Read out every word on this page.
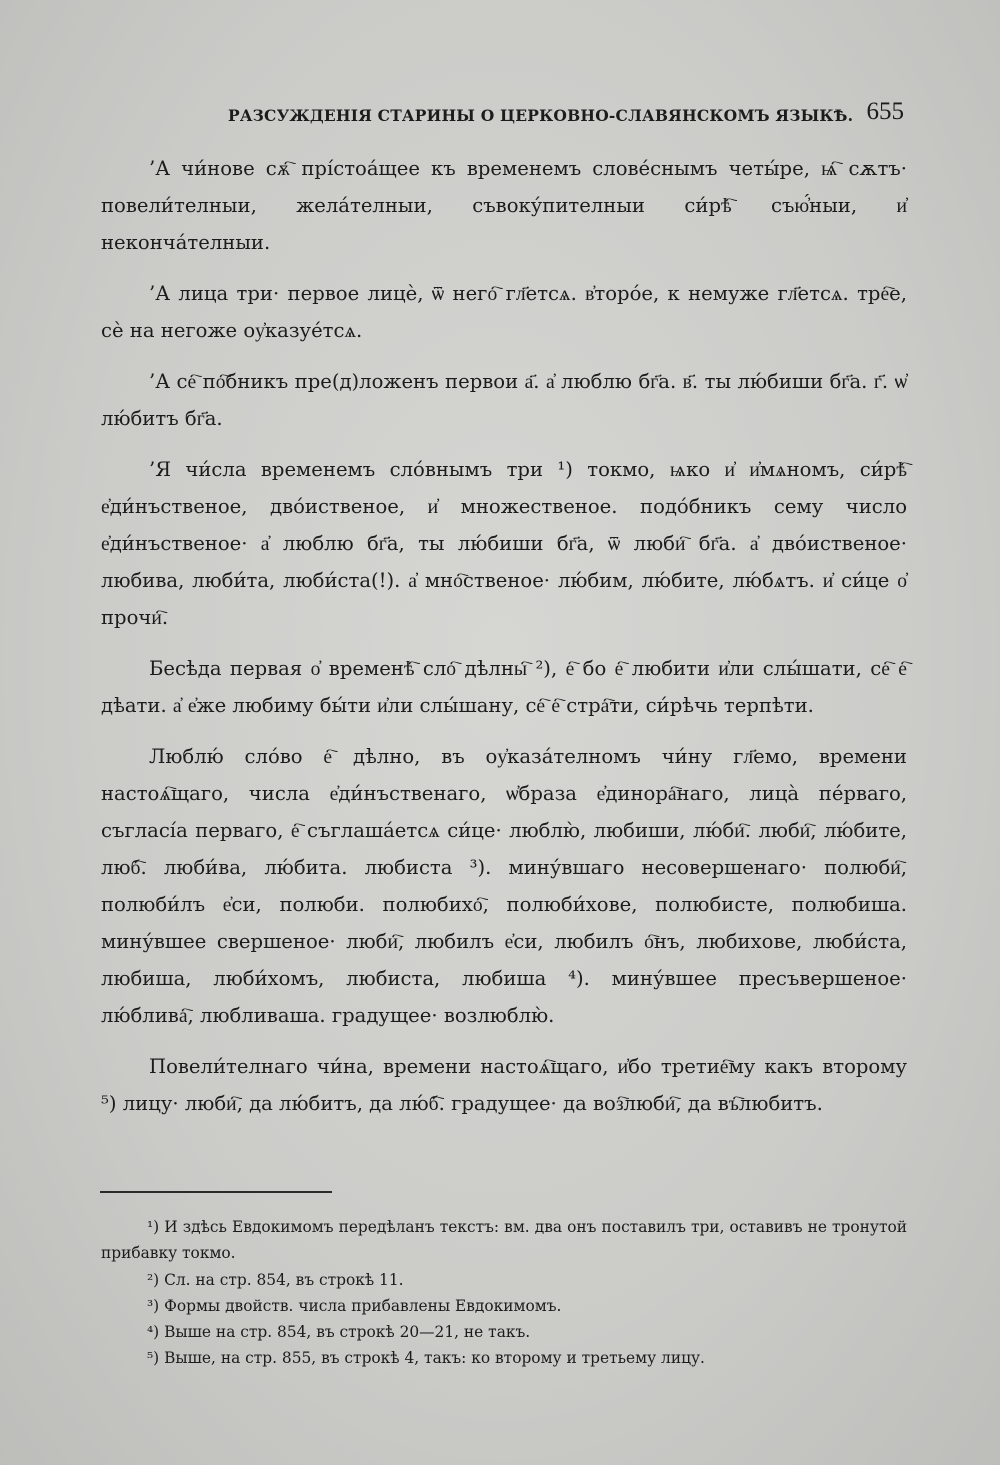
РАЗСУЖДЕНІЯ СТАРИНЫ О ЦЕРКОВНО-СЛАВЯНСКОМЪ ЯЗЫКѢ. 655

’А чи́нове сѫ҇ прі́стоа́щее къ временемъ слове́снымъ четы́ре, ѩ҇ сѫтъ· повели́телныи, жела́телныи, съвоку́пителныи си́рѣ҇ съю҆́ныи, и҆ неконча́телныи.

’А лица три· первое лицѐ, ѿ него҇ гл҃етсѧ. в҆торо́е, к немуже гл҃етсѧ. тре҇е, сѐ на негоже оу҆казуе́тсѧ.

’А се҇ по҇бникъ пре(д)ложенъ первои а҃. а҆ люблю бг҃а. в҃. ты лю́биши бг҃а. г҃. ѡ҆ лю́битъ бг҃а.

’Я чи́сла временемъ сло́внымъ три ¹) токмо, ѩко и҆ и҆мѧномъ, си́рѣ҇ е҆ди́нъственое, дво́иственое, и҆ множественое. подо́бникъ сему число е҆ди́нъственое· а҆ люблю бг҃а, ты лю́биши бг҃а, ѿ люби҇ бг҃а. а҆ дво́иственое· любива, люби́та, люби́ста(!). а҆ мно҇ственое· лю́бим, лю́бите, лю́бѧтъ. и҆ си́це о҆ прочи҇.

Бесѣда первая о҆ временѣ҇ сло҇ дѣлны҇ ²), е҇ бо е҇ любити и҆ли слы́шати, се҇ е҇ дѣати. а҆ е҆же любиму бы́ти и҆ли слы́шану, се҇ е҇ стра҇ти, си́рѣчь терпѣти.

Люблю́ сло́во е҇ дѣлно, въ оу҆каза́телномъ чи́ну гл҃емо, времени настоѧ҇щаго, числа е҆ди́нъственаго, ѡ҆браза е҆динора҇наго, лица̀ пе́рваго, съгласі́а перваго, е҇ съглаша́етсѧ си́це· люблю̀, любиши, лю́би҇. люби҇, лю́бите, люб҇. люби́ва, лю́бита. любиста ³). мину́вшаго несовершенаго· полюби҇, полюби́лъ е҆си, полюби. полюбихо҇, полюби́хове, полюбисте, полюбиша. мину́вшее свершеное· люби҇, любилъ е҆си, любилъ о҇нъ, любихове, люби́ста, любиша, люби́хомъ, любиста, любиша ⁴). мину́вшее пресъвершеное· лю́блива҇, любливаша. градущее· возлюблю̀.

Повели́телнаго чи́на, времени настоѧ҇щаго, и҆бо третие҇му какъ второму ⁵) лицу· люби҇, да лю́битъ, да лю́б҇. градущее· да воз҇люби҇, да въ҇любитъ.

¹) И здѣсь Евдокимомъ передѣланъ текстъ: вм. два онъ поставилъ три, оставивъ не тронутой прибавку токмо.

²) Сл. на стр. 854, въ строкѣ 11.

³) Формы двойств. числа прибавлены Евдокимомъ.

⁴) Выше на стр. 854, въ строкѣ 20—21, не такъ.

⁵) Выше, на стр. 855, въ строкѣ 4, такъ: ко второму и третьему лицу.
